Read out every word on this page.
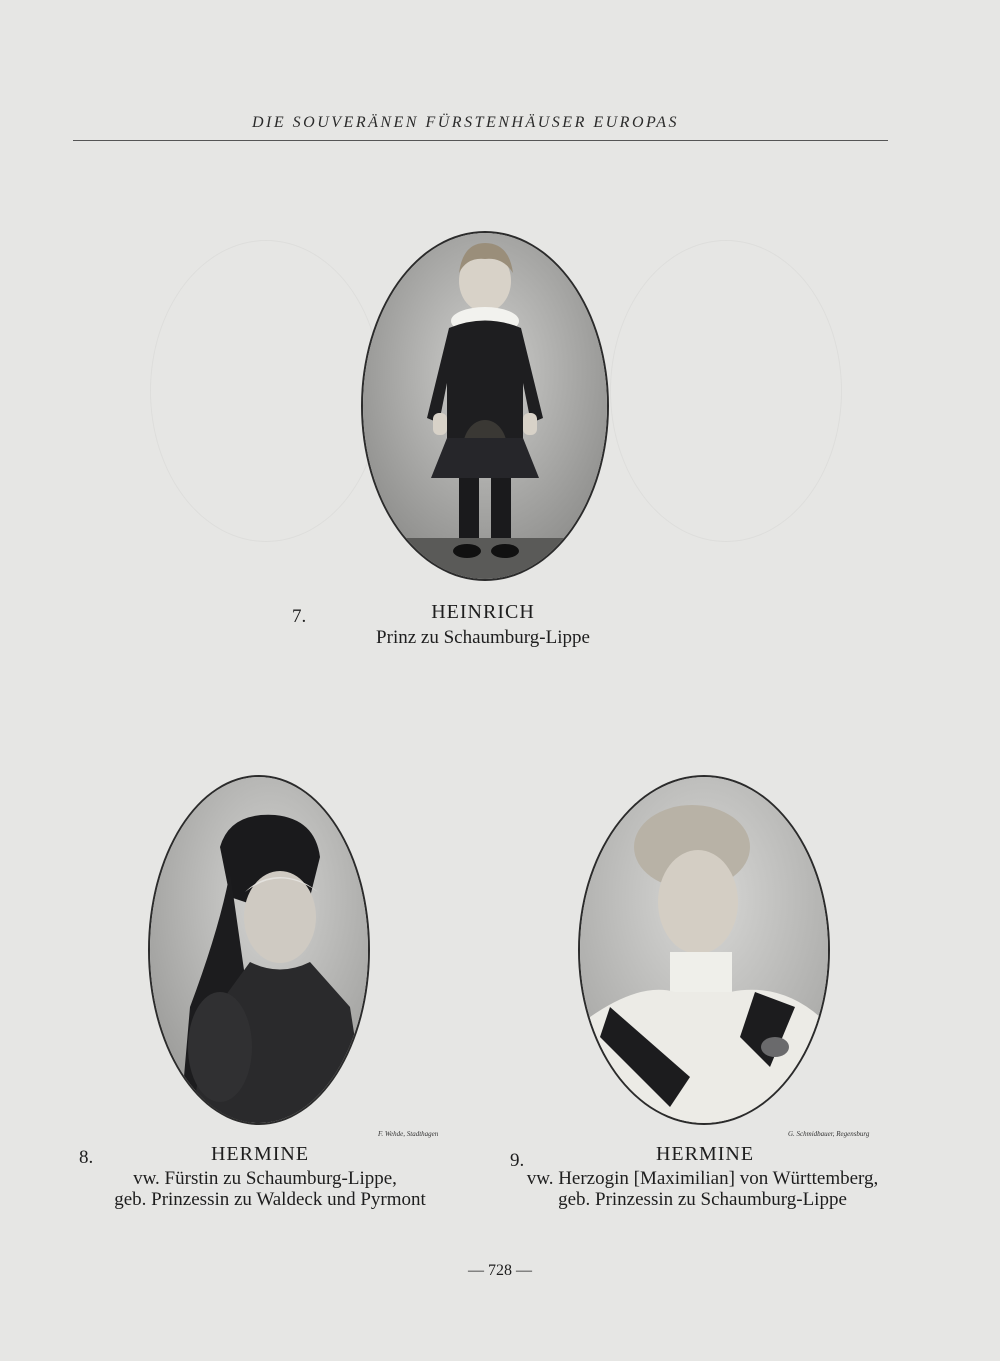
DIE SOUVERÄNEN FÜRSTENHÄUSER EUROPAS
7.	HEINRICH
Prinz zu Schaumburg-Lippe
F. Wehde, Stadthagen
8.	HERMINE
vw. Fürstin zu Schaumburg-Lippe,
geb. Prinzessin zu Waldeck und Pyrmont
G. Schmidbauer, Regensburg
9.	HERMINE
vw. Herzogin [Maximilian] von Württemberg,
geb. Prinzessin zu Schaumburg-Lippe
— 728 —
